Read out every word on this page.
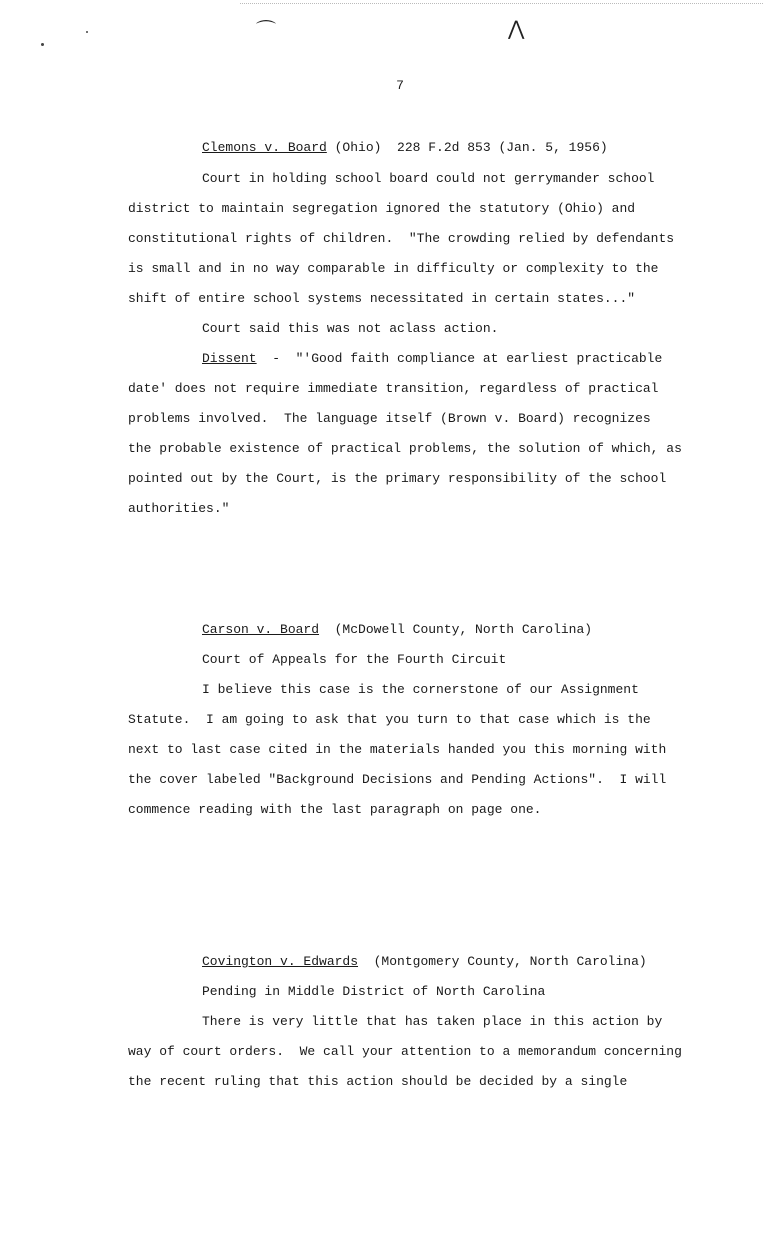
⌒	⋀
7
Clemons v. Board (Ohio)  228 F.2d 853 (Jan. 5, 1956)
Court in holding school board could not gerrymander school
district to maintain segregation ignored the statutory (Ohio) and
constitutional rights of children.  "The crowding relied by defendants
is small and in no way comparable in difficulty or complexity to the
shift of entire school systems necessitated in certain states..."
Court said this was not aclass action.
Dissent  -  "'Good faith compliance at earliest practicable
date' does not require immediate transition, regardless of practical
problems involved.  The language itself (Brown v. Board) recognizes
the probable existence of practical problems, the solution of which, as
pointed out by the Court, is the primary responsibility of the school
authorities."
Carson v. Board  (McDowell County, North Carolina)
Court of Appeals for the Fourth Circuit
I believe this case is the cornerstone of our Assignment
Statute.  I am going to ask that you turn to that case which is the
next to last case cited in the materials handed you this morning with
the cover labeled "Background Decisions and Pending Actions".  I will
commence reading with the last paragraph on page one.
Covington v. Edwards  (Montgomery County, North Carolina)
Pending in Middle District of North Carolina
There is very little that has taken place in this action by
way of court orders.  We call your attention to a memorandum concerning
the recent ruling that this action should be decided by a single
